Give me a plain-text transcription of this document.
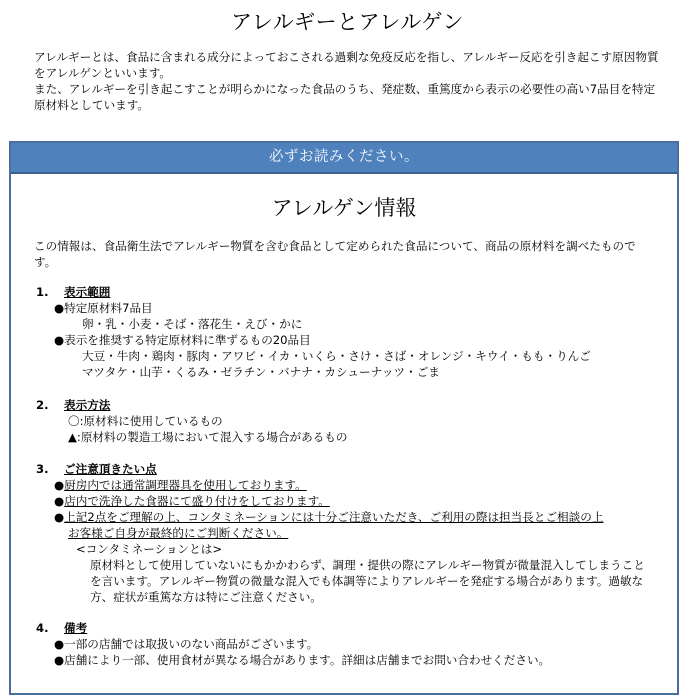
アレルギーとアレルゲン

アレルギーとは、食品に含まれる成分によっておこされる過剰な免疫反応を指し、アレルギー反応を引き起こす原因物質をアレルゲンといいます。

また、アレルギーを引き起こすことが明らかになった食品のうち、発症数、重篤度から表示の必要性の高い7品目を特定原材料としています。

必ずお読みください。
アレルゲン情報

この情報は、食品衛生法でアレルギー物質を含む食品として定められた食品について、商品の原材料を調べたものです。

1. 表示範囲

●特定原材料7品目

卵・乳・小麦・そば・落花生・えび・かに

●表示を推奨する特定原材料に準ずるもの20品目

大豆・牛肉・鶏肉・豚肉・アワビ・イカ・いくら・さけ・さば・オレンジ・キウイ・もも・りんご

マツタケ・山芋・くるみ・ゼラチン・バナナ・カシューナッツ・ごま

2. 表示方法

〇:原材料に使用しているもの

▲:原材料の製造工場において混入する場合があるもの

3. ご注意頂きたい点

●厨房内では通常調理器具を使用しております。

●店内で洗浄した食器にて盛り付けをしております。

●上記2点をご理解の上、コンタミネーションには十分ご注意いただき、ご利用の際は担当長とご相談の上

お客様ご自身が最終的にご判断ください。

<コンタミネーションとは>

原材料として使用していないにもかかわらず、調理・提供の際にアレルギー物質が微量混入してしまうことを言います。アレルギー物質の微量な混入でも体調等によりアレルギーを発症する場合があります。過敏な方、症状が重篤な方は特にご注意ください。

4. 備考

●一部の店舗では取扱いのない商品がございます。

●店舗により一部、使用食材が異なる場合があります。詳細は店舗までお問い合わせください。
